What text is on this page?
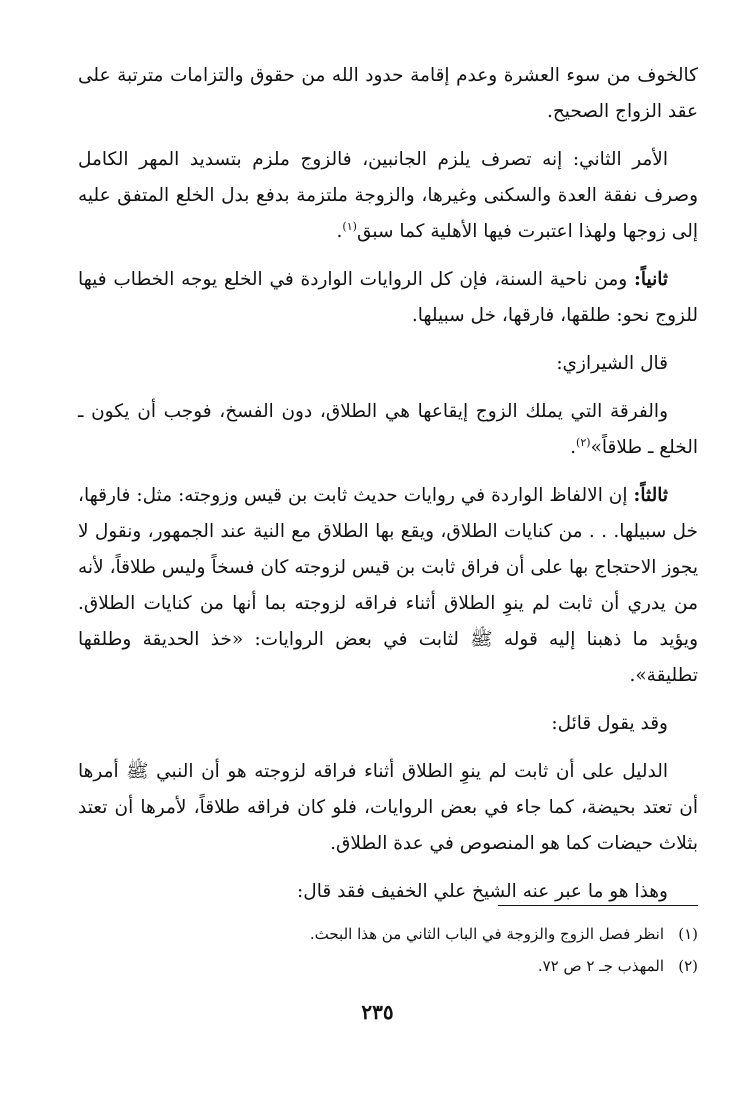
كالخوف من سوء العشرة وعدم إقامة حدود الله من حقوق والتزامات مترتبة على عقد الزواج الصحيح.

الأمر الثاني: إنه تصرف يلزم الجانبين، فالزوج ملزم بتسديد المهر الكامل وصرف نفقة العدة والسكنى وغيرها، والزوجة ملتزمة بدفع بدل الخلع المتفق عليه إلى زوجها ولهذا اعتبرت فيها الأهلية كما سبق$^{(١)}$.

ثانياً: ومن ناحية السنة، فإن كل الروايات الواردة في الخلع يوجه الخطاب فيها للزوج نحو: طلقها، فارقها، خل سبيلها.

قال الشيرازي:

والفرقة التي يملك الزوج إيقاعها هي الطلاق، دون الفسخ، فوجب أن يكون ـ الخلع ـ طلاقاً»$^{(٢)}$.

ثالثاً: إن الالفاظ الواردة في روايات حديث ثابت بن قيس وزوجته: مثل: فارقها، خل سبيلها. . . من كنايات الطلاق، ويقع بها الطلاق مع النية عند الجمهور، ونقول لا يجوز الاحتجاج بها على أن فراق ثابت بن قيس لزوجته كان فسخاً وليس طلاقاً، لأنه من يدري أن ثابت لم ينوِ الطلاق أثناء فراقه لزوجته بما أنها من كنايات الطلاق. ويؤيد ما ذهبنا إليه قوله ﷺ لثابت في بعض الروايات: «خذ الحديقة وطلقها تطليقة».

وقد يقول قائل:

الدليل على أن ثابت لم ينوِ الطلاق أثناء فراقه لزوجته هو أن النبي ﷺ أمرها أن تعتد بحيضة، كما جاء في بعض الروايات، فلو كان فراقه طلاقاً، لأمرها أن تعتد بثلاث حيضات كما هو المنصوص في عدة الطلاق.

وهذا هو ما عبر عنه الشيخ علي الخفيف فقد قال:

(١)انظر فصل الزوج والزوجة في الباب الثاني من هذا البحث.
(٢)المهذب جـ ٢ ص ٧٢.
٢٣٥
